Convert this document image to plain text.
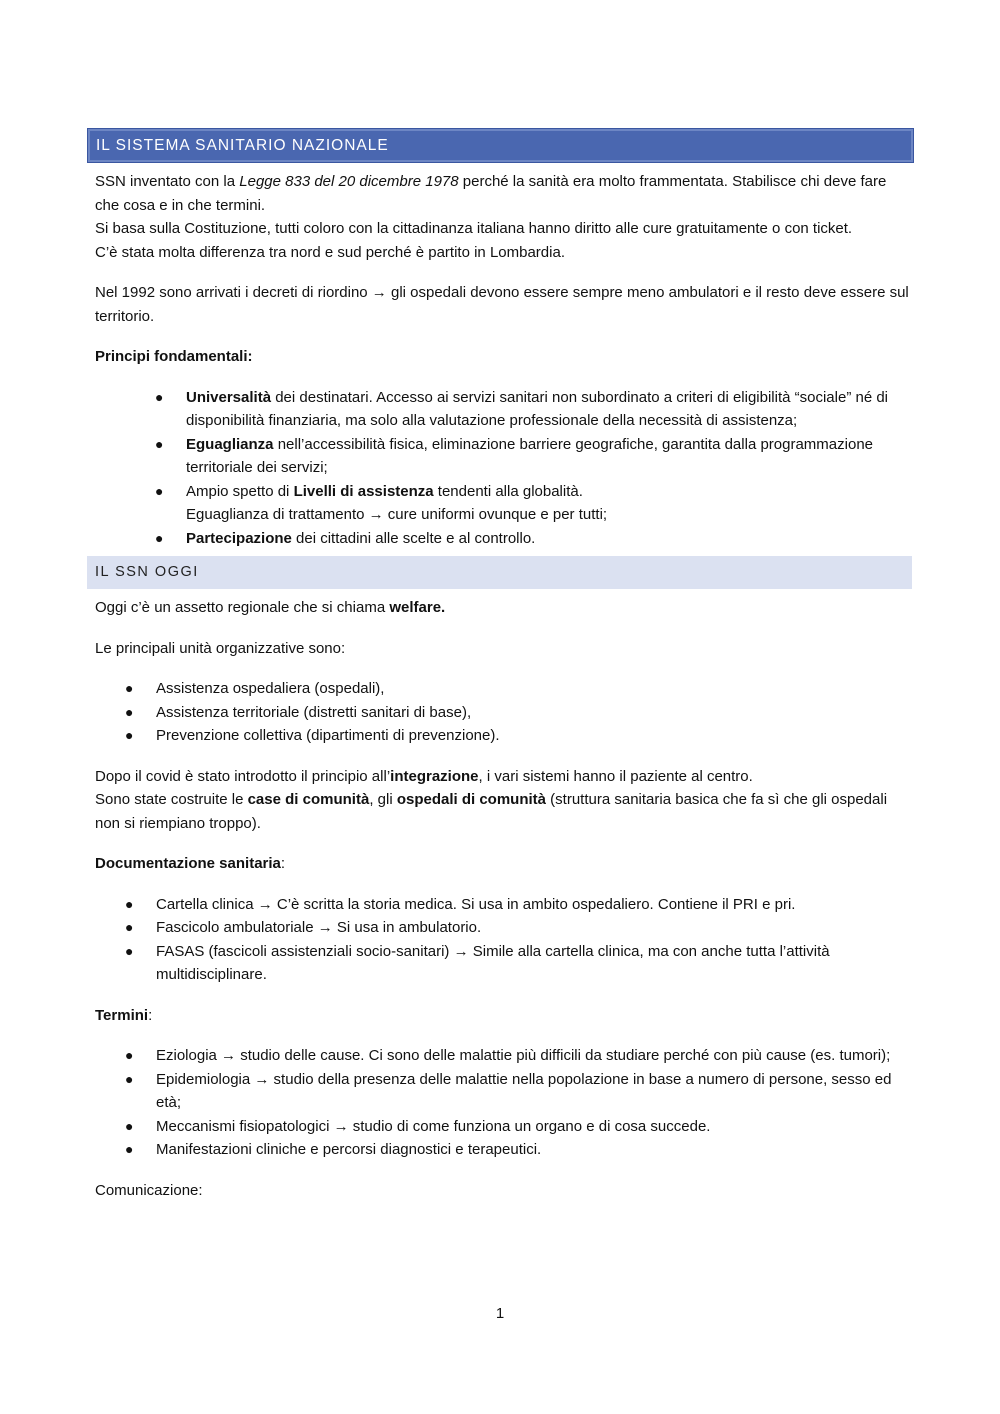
IL SISTEMA SANITARIO NAZIONALE

SSN inventato con la Legge 833 del 20 dicembre 1978 perché la sanità era molto frammentata. Stabilisce chi deve fare che cosa e in che termini.
Si basa sulla Costituzione, tutti coloro con la cittadinanza italiana hanno diritto alle cure gratuitamente o con ticket.
C’è stata molta differenza tra nord e sud perché è partito in Lombardia.

Nel 1992 sono arrivati i decreti di riordino → gli ospedali devono essere sempre meno ambulatori e il resto deve essere sul territorio.

Principi fondamentali:

● Universalità dei destinatari. Accesso ai servizi sanitari non subordinato a criteri di eligibilità “sociale” né di disponibilità finanziaria, ma solo alla valutazione professionale della necessità di assistenza;
● Eguaglianza nell’accessibilità fisica, eliminazione barriere geografiche, garantita dalla programmazione territoriale dei servizi;
● Ampio spetto di Livelli di assistenza tendenti alla globalità.
Eguaglianza di trattamento → cure uniformi ovunque e per tutti;
● Partecipazione dei cittadini alle scelte e al controllo.
IL SSN OGGI

Oggi c’è un assetto regionale che si chiama welfare.

Le principali unità organizzative sono:

● Assistenza ospedaliera (ospedali),
● Assistenza territoriale (distretti sanitari di base),
● Prevenzione collettiva (dipartimenti di prevenzione).

Dopo il covid è stato introdotto il principio all’integrazione, i vari sistemi hanno il paziente al centro.
Sono state costruite le case di comunità, gli ospedali di comunità (struttura sanitaria basica che fa sì che gli ospedali non si riempiano troppo).

Documentazione sanitaria:

● Cartella clinica → C’è scritta la storia medica. Si usa in ambito ospedaliero. Contiene il PRI e pri.
● Fascicolo ambulatoriale → Si usa in ambulatorio.
● FASAS (fascicoli assistenziali socio-sanitari) → Simile alla cartella clinica, ma con anche tutta l’attività multidisciplinare.

Termini:

● Eziologia → studio delle cause. Ci sono delle malattie più difficili da studiare perché con più cause (es. tumori);
● Epidemiologia → studio della presenza delle malattie nella popolazione in base a numero di persone, sesso ed età;
● Meccanismi fisiopatologici → studio di come funziona un organo e di cosa succede.
● Manifestazioni cliniche e percorsi diagnostici e terapeutici.

Comunicazione:

1
